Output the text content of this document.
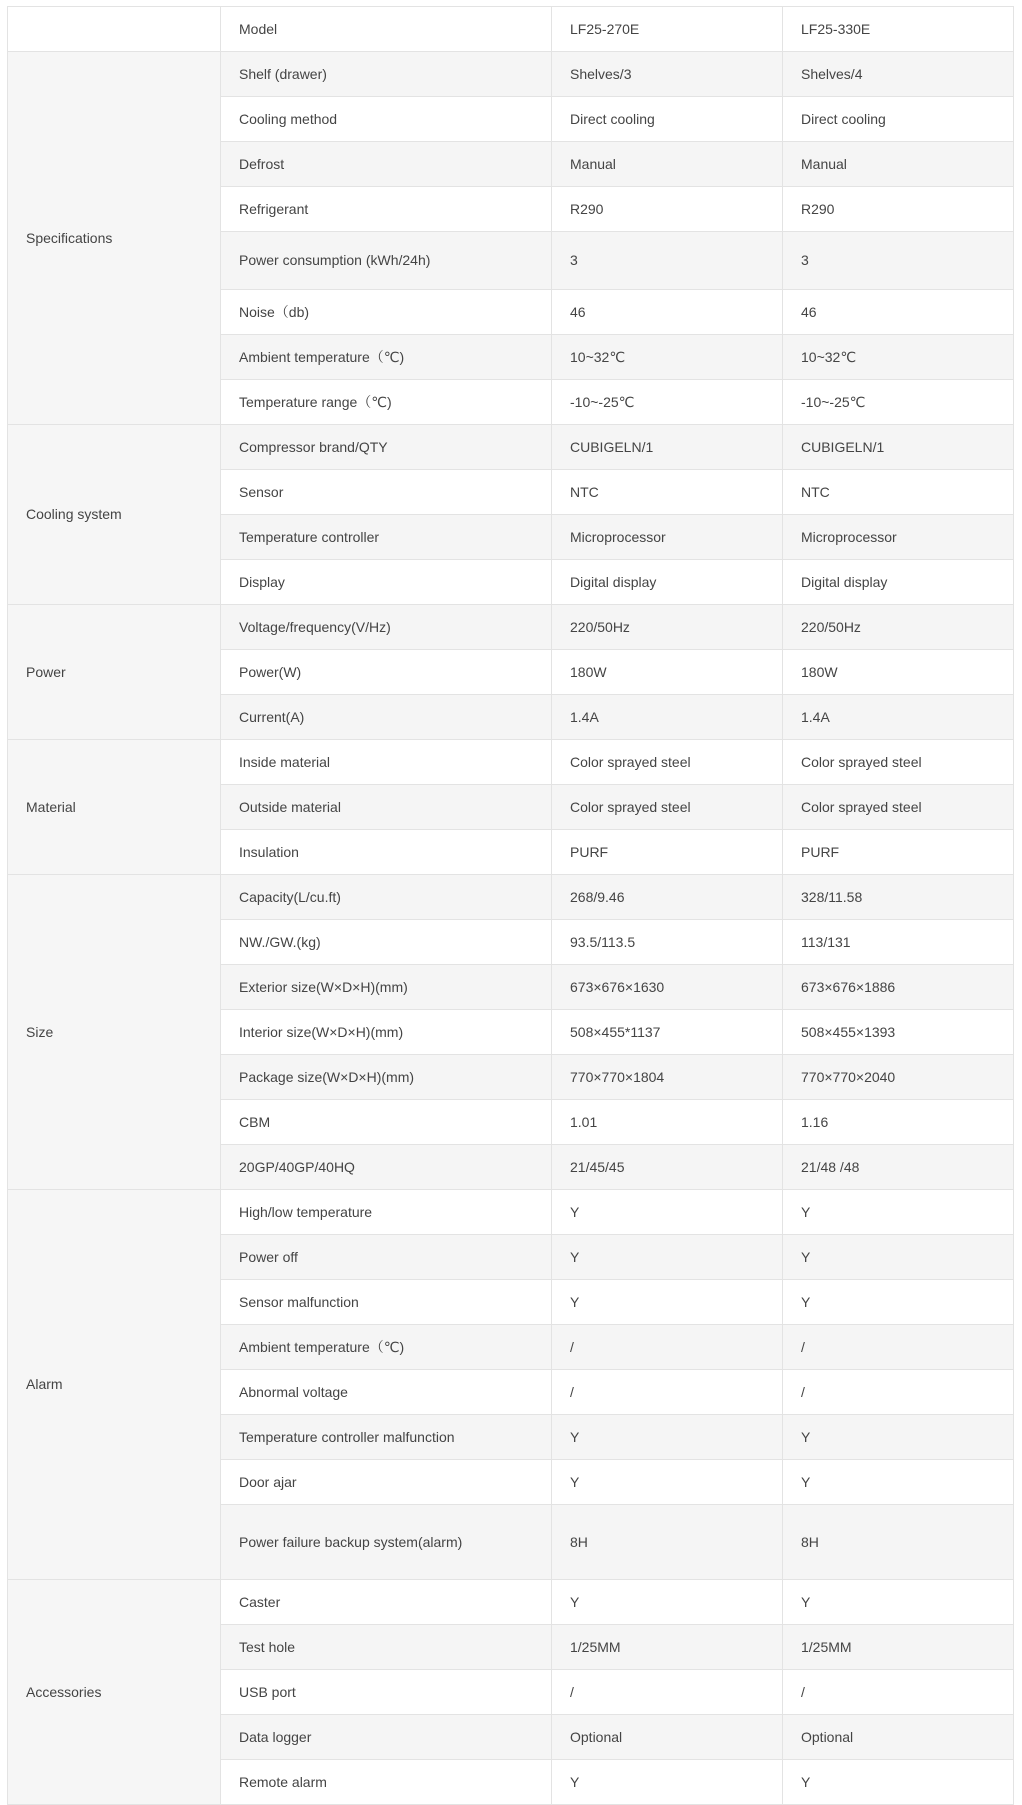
	Model	LF25-270E	LF25-330E
Specifications	Shelf (drawer)	Shelves/3	Shelves/4
	Cooling method	Direct cooling	Direct cooling
	Defrost	Manual	Manual
	Refrigerant	R290	R290
	Power consumption (kWh/24h)	3	3
	Noise（db)	46	46
	Ambient temperature（℃)	10~32℃	10~32℃
	Temperature range（℃)	-10~-25℃	-10~-25℃
Cooling system	Compressor brand/QTY	CUBIGELN/1	CUBIGELN/1
	Sensor	NTC	NTC
	Temperature controller	Microprocessor	Microprocessor
	Display	Digital display	Digital display
Power	Voltage/frequency(V/Hz)	220/50Hz	220/50Hz
	Power(W)	180W	180W
	Current(A)	1.4A	1.4A
Material	Inside material	Color sprayed steel	Color sprayed steel
	Outside material	Color sprayed steel	Color sprayed steel
	Insulation	PURF	PURF
Size	Capacity(L/cu.ft)	268/9.46	328/11.58
	NW./GW.(kg)	93.5/113.5	113/131
	Exterior size(W×D×H)(mm)	673×676×1630	673×676×1886
	Interior size(W×D×H)(mm)	508×455*1137	508×455×1393
	Package size(W×D×H)(mm)	770×770×1804	770×770×2040
	CBM	1.01	1.16
	20GP/40GP/40HQ	21/45/45	21/48 /48
Alarm	High/low temperature	Y	Y
	Power off	Y	Y
	Sensor malfunction	Y	Y
	Ambient temperature（℃)	/	/
	Abnormal voltage	/	/
	Temperature controller malfunction	Y	Y
	Door ajar	Y	Y
	Power failure backup system(alarm)	8H	8H
Accessories	Caster	Y	Y
	Test hole	1/25MM	1/25MM
	USB port	/	/
	Data logger	Optional	Optional
	Remote alarm	Y	Y
